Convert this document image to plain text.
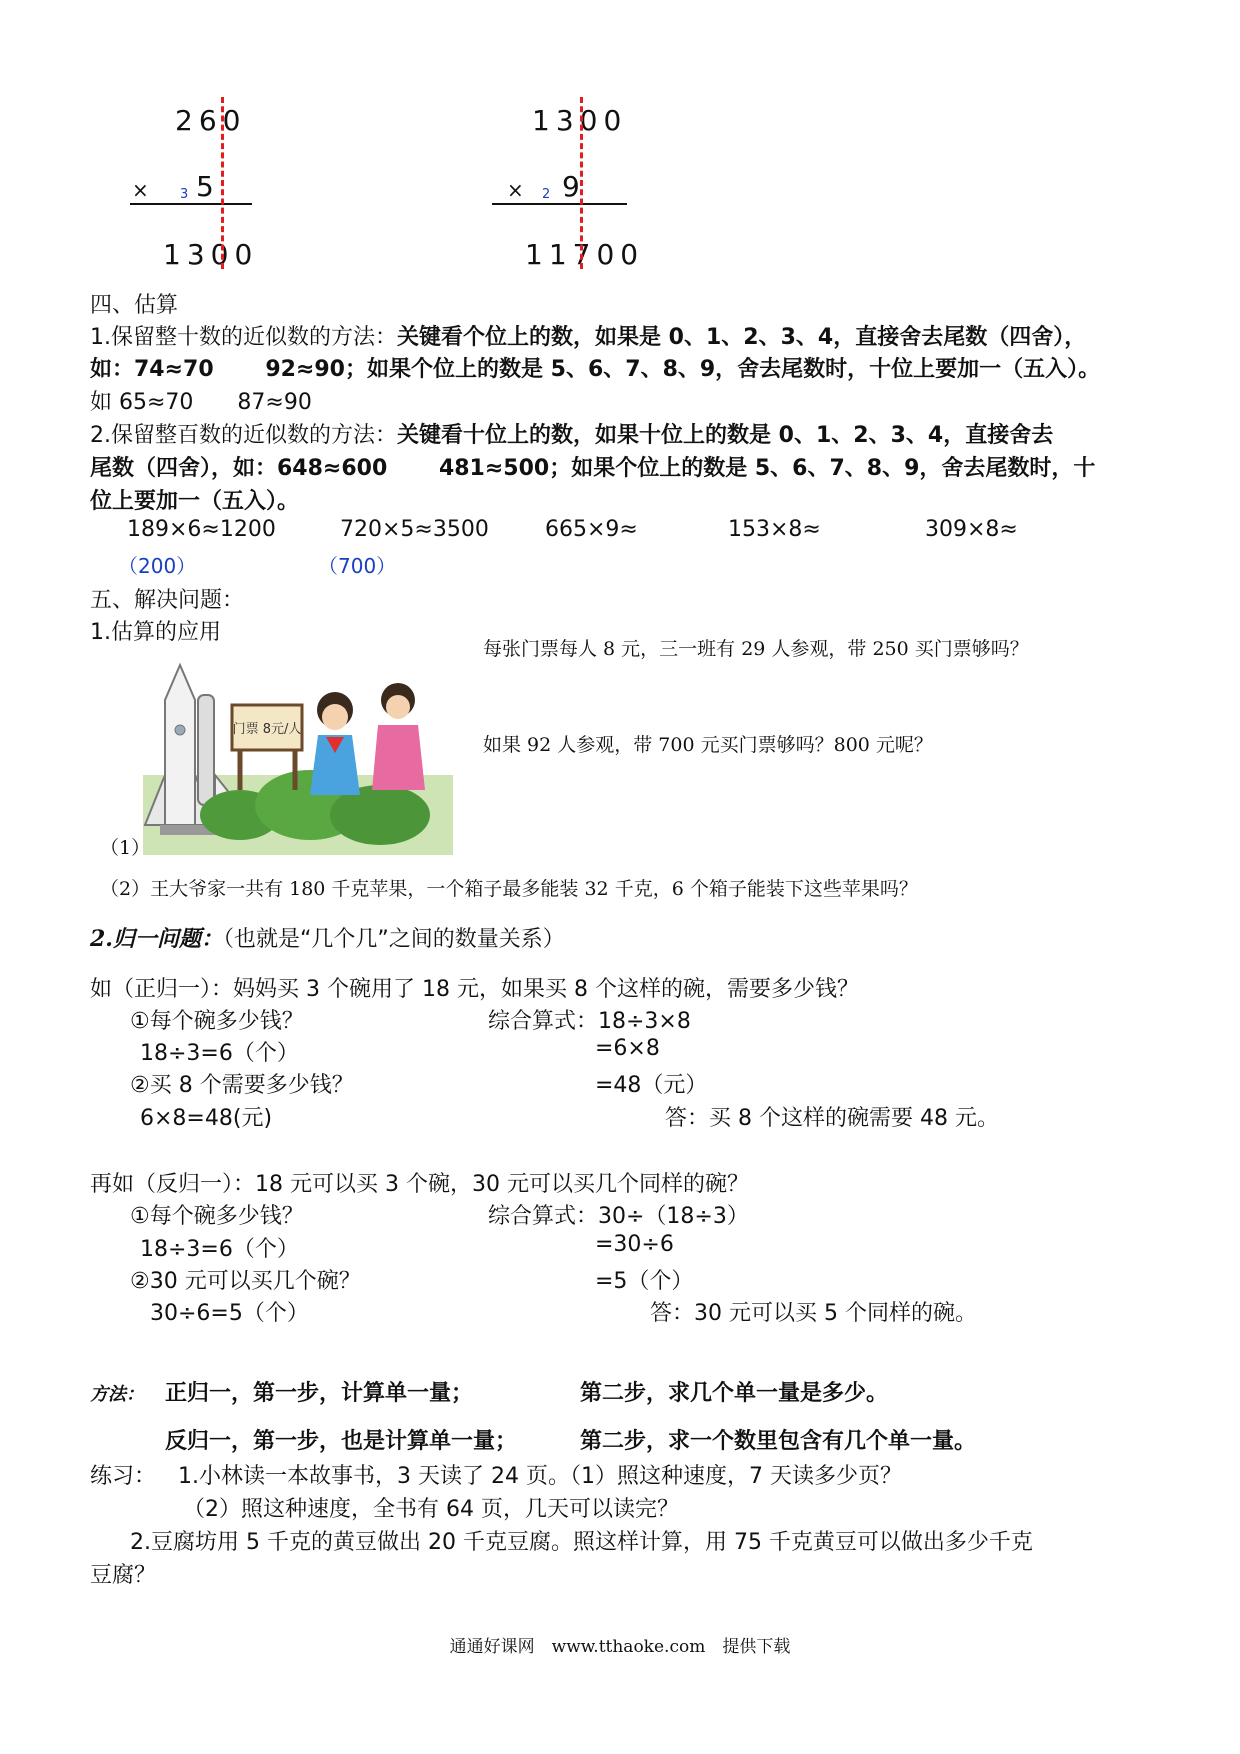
260
× 3 5
1300
1300
× 2 9
11700
四、估算
1.保留整十数的近似数的方法：关键看个位上的数，如果是 0、1、2、3、4，直接舍去尾数（四舍），
如：74≈70　　 92≈90；如果个位上的数是 5、6、7、8、9，舍去尾数时，十位上要加一（五入）。
如 65≈70　　87≈90
2.保留整百数的近似数的方法：关键看十位上的数，如果十位上的数是 0、1、2、3、4，直接舍去
尾数（四舍），如：648≈600　　 481≈500；如果个位上的数是 5、6、7、8、9，舍去尾数时，十
位上要加一（五入）。
189×6≈1200	720×5≈3500	665×9≈	153×8≈	309×8≈
（200）	（700）
五、解决问题：
1.估算的应用
每张门票每人 8 元，三一班有 29 人参观，带 250 买门票够吗？
如果 92 人参观，带 700 元买门票够吗？800 元呢？
门票 8元/人
（1）
（2）王大爷家一共有 180 千克苹果，一个箱子最多能装 32 千克，6 个箱子能装下这些苹果吗？
2.归一问题：（也就是“几个几”之间的数量关系）
如（正归一）：妈妈买 3 个碗用了 18 元，如果买 8 个这样的碗，需要多少钱？
①每个碗多少钱？
18÷3=6（个）
②买 8 个需要多少钱？
6×8=48(元)
综合算式：18÷3×8
=6×8
=48（元）
答：买 8 个这样的碗需要 48 元。
再如（反归一）：18 元可以买 3 个碗，30 元可以买几个同样的碗？
①每个碗多少钱？
18÷3=6（个）
②30 元可以买几个碗？
30÷6=5（个）
综合算式：30÷（18÷3）
=30÷6
=5（个）
答：30 元可以买 5 个同样的碗。
方法： 正归一，第一步，计算单一量；	第二步，求几个单一量是多少。
反归一，第一步，也是计算单一量；	第二步，求一个数里包含有几个单一量。
练习： 1.小林读一本故事书，3 天读了 24 页。（1）照这种速度，7 天读多少页？
（2）照这种速度，全书有 64 页，几天可以读完？
2.豆腐坊用 5 千克的黄豆做出 20 千克豆腐。照这样计算，用 75 千克黄豆可以做出多少千克
豆腐？
通通好课网　www.tthaoke.com　提供下载
